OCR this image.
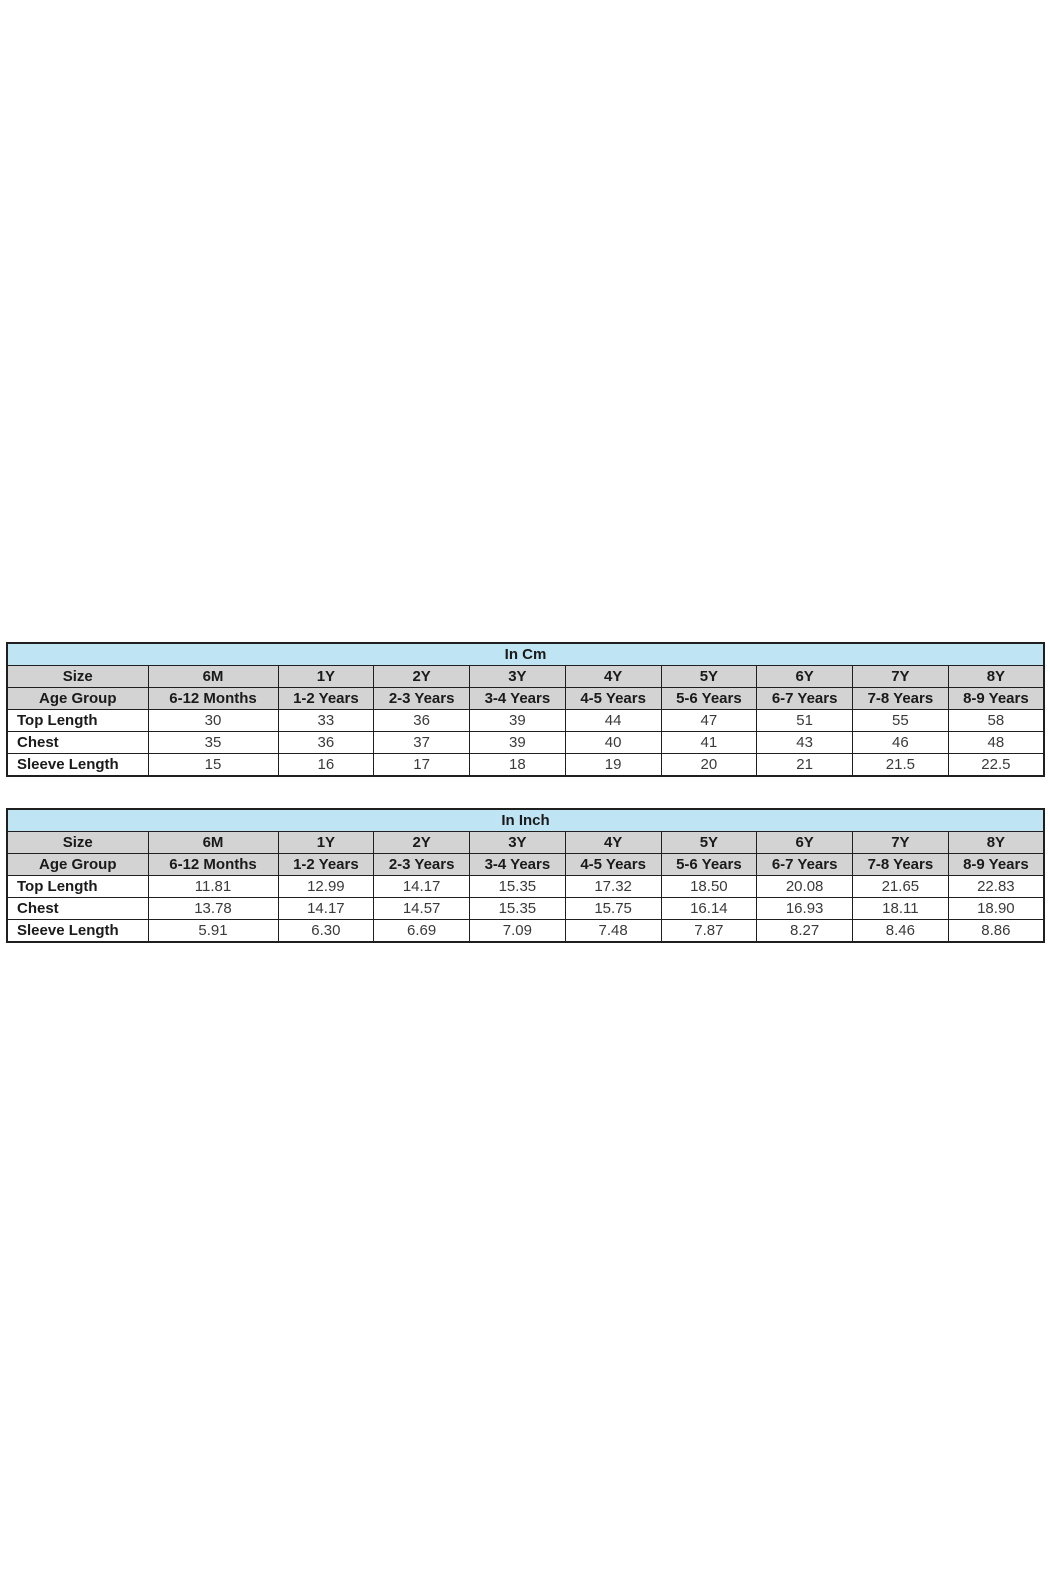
In Cm									
Size	6M	1Y	2Y	3Y	4Y	5Y	6Y	7Y	8Y
Age Group	6-12 Months	1-2 Years	2-3 Years	3-4 Years	4-5 Years	5-6 Years	6-7 Years	7-8 Years	8-9 Years
Top Length	30	33	36	39	44	47	51	55	58
Chest	35	36	37	39	40	41	43	46	48
Sleeve Length	15	16	17	18	19	20	21	21.5	22.5
In Inch									
Size	6M	1Y	2Y	3Y	4Y	5Y	6Y	7Y	8Y
Age Group	6-12 Months	1-2 Years	2-3 Years	3-4 Years	4-5 Years	5-6 Years	6-7 Years	7-8 Years	8-9 Years
Top Length	11.81	12.99	14.17	15.35	17.32	18.50	20.08	21.65	22.83
Chest	13.78	14.17	14.57	15.35	15.75	16.14	16.93	18.11	18.90
Sleeve Length	5.91	6.30	6.69	7.09	7.48	7.87	8.27	8.46	8.86
